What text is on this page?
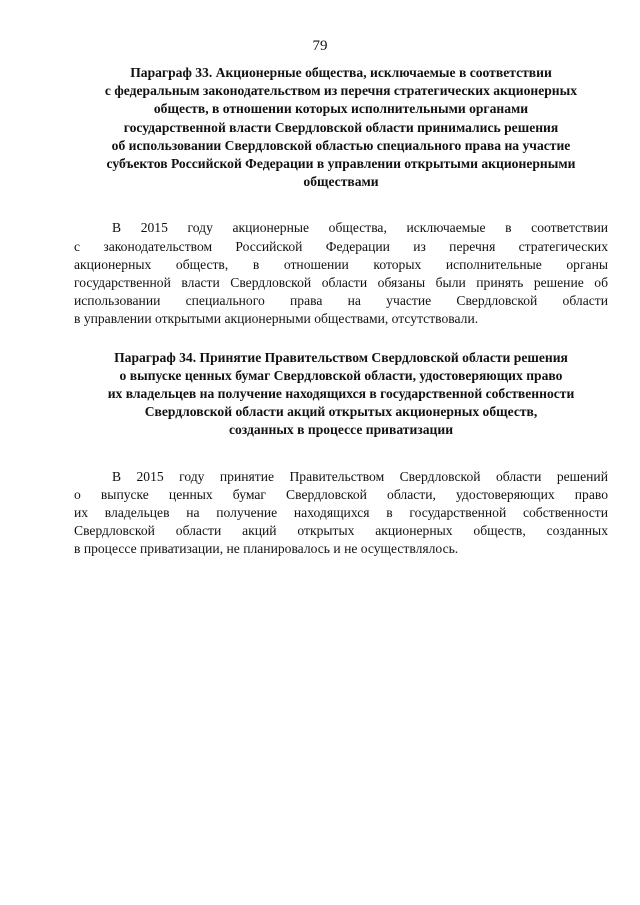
79
Параграф 33. Акционерные общества, исключаемые в соответствии
с федеральным законодательством из перечня стратегических акционерных
обществ, в отношении которых исполнительными органами
государственной власти Свердловской области принимались решения
об использовании Свердловской областью специального права на участие
субъектов Российской Федерации в управлении открытыми акционерными
обществами
В 2015 году акционерные общества, исключаемые в соответствии
с законодательством Российской Федерации из перечня стратегических
акционерных обществ, в отношении которых исполнительные органы
государственной власти Свердловской области обязаны были принять решение об
использовании специального права на участие Свердловской области
в управлении открытыми акционерными обществами, отсутствовали.
Параграф 34. Принятие Правительством Свердловской области решения
о выпуске ценных бумаг Свердловской области, удостоверяющих право
их владельцев на получение находящихся в государственной собственности
Свердловской области акций открытых акционерных обществ,
созданных в процессе приватизации
В 2015 году принятие Правительством Свердловской области решений
о выпуске ценных бумаг Свердловской области, удостоверяющих право
их владельцев на получение находящихся в государственной собственности
Свердловской области акций открытых акционерных обществ, созданных
в процессе приватизации, не планировалось и не осуществлялось.
